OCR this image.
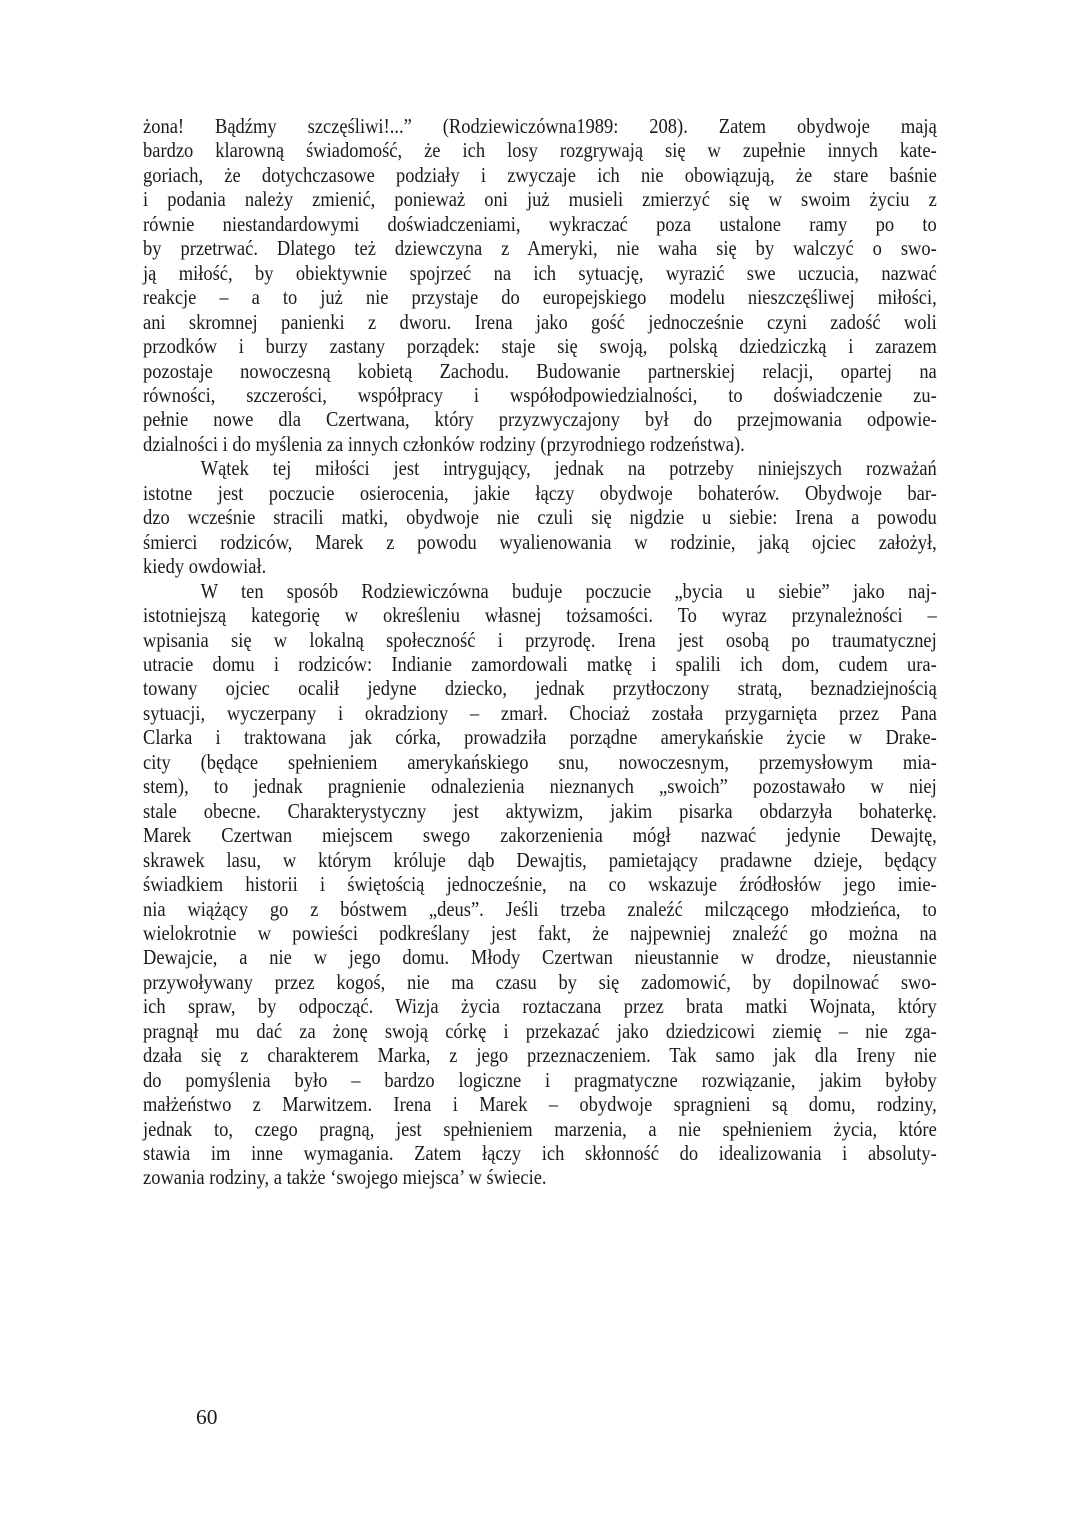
żona! Bądźmy szczęśliwi!...” (Rodziewiczówna1989: 208). Zatem obydwoje mają
bardzo klarowną świadomość, że ich losy rozgrywają się w zupełnie innych kate-
goriach, że dotychczasowe podziały i zwyczaje ich nie obowiązują, że stare baśnie
i podania należy zmienić, ponieważ oni już musieli zmierzyć się w swoim życiu z
równie niestandardowymi doświadczeniami, wykraczać poza ustalone ramy po to
by przetrwać. Dlatego też dziewczyna z Ameryki, nie waha się by walczyć o swo-
ją miłość, by obiektywnie spojrzeć na ich sytuację, wyrazić swe uczucia, nazwać
reakcje – a to już nie przystaje do europejskiego modelu nieszczęśliwej miłości,
ani skromnej panienki z dworu. Irena jako gość jednocześnie czyni zadość woli
przodków i burzy zastany porządek: staje się swoją, polską dziedziczką i zarazem
pozostaje nowoczesną kobietą Zachodu. Budowanie partnerskiej relacji, opartej na
równości, szczerości, współpracy i współodpowiedzialności, to doświadczenie zu-
pełnie nowe dla Czertwana, który przyzwyczajony był do przejmowania odpowie-
dzialności i do myślenia za innych członków rodziny (przyrodniego rodzeństwa).
Wątek tej miłości jest intrygujący, jednak na potrzeby niniejszych rozważań
istotne jest poczucie osierocenia, jakie łączy obydwoje bohaterów. Obydwoje bar-
dzo wcześnie stracili matki, obydwoje nie czuli się nigdzie u siebie: Irena a powodu
śmierci rodziców, Marek z powodu wyalienowania w rodzinie, jaką ojciec założył,
kiedy owdowiał.
W ten sposób Rodziewiczówna buduje poczucie „bycia u siebie” jako naj-
istotniejszą kategorię w określeniu własnej tożsamości. To wyraz przynależności –
wpisania się w lokalną społeczność i przyrodę. Irena jest osobą po traumatycznej
utracie domu i rodziców: Indianie zamordowali matkę i spalili ich dom, cudem ura-
towany ojciec ocalił jedyne dziecko, jednak przytłoczony stratą, beznadziejnością
sytuacji, wyczerpany i okradziony – zmarł. Chociaż została przygarnięta przez Pana
Clarka i traktowana jak córka, prowadziła porządne amerykańskie życie w Drake-
city (będące spełnieniem amerykańskiego snu, nowoczesnym, przemysłowym mia-
stem), to jednak pragnienie odnalezienia nieznanych „swoich” pozostawało w niej
stale obecne. Charakterystyczny jest aktywizm, jakim pisarka obdarzyła bohaterkę.
Marek Czertwan miejscem swego zakorzenienia mógł nazwać jedynie Dewajtę,
skrawek lasu, w którym króluje dąb Dewajtis, pamietający pradawne dzieje, będący
świadkiem historii i świętością jednocześnie, na co wskazuje źródłosłów jego imie-
nia wiążący go z bóstwem „deus”. Jeśli trzeba znaleźć milczącego młodzieńca, to
wielokrotnie w powieści podkreślany jest fakt, że najpewniej znaleźć go można na
Dewajcie, a nie w jego domu. Młody Czertwan nieustannie w drodze, nieustannie
przywoływany przez kogoś, nie ma czasu by się zadomowić, by dopilnować swo-
ich spraw, by odpocząć. Wizja życia roztaczana przez brata matki Wojnata, który
pragnął mu dać za żonę swoją córkę i przekazać jako dziedzicowi ziemię – nie zga-
dzała się z charakterem Marka, z jego przeznaczeniem. Tak samo jak dla Ireny nie
do pomyślenia było – bardzo logiczne i pragmatyczne rozwiązanie, jakim byłoby
małżeństwo z Marwitzem. Irena i Marek – obydwoje spragnieni są domu, rodziny,
jednak to, czego pragną, jest spełnieniem marzenia, a nie spełnieniem życia, które
stawia im inne wymagania. Zatem łączy ich skłonność do idealizowania i absoluty-
zowania rodziny, a także ‘swojego miejsca’ w świecie.
60
